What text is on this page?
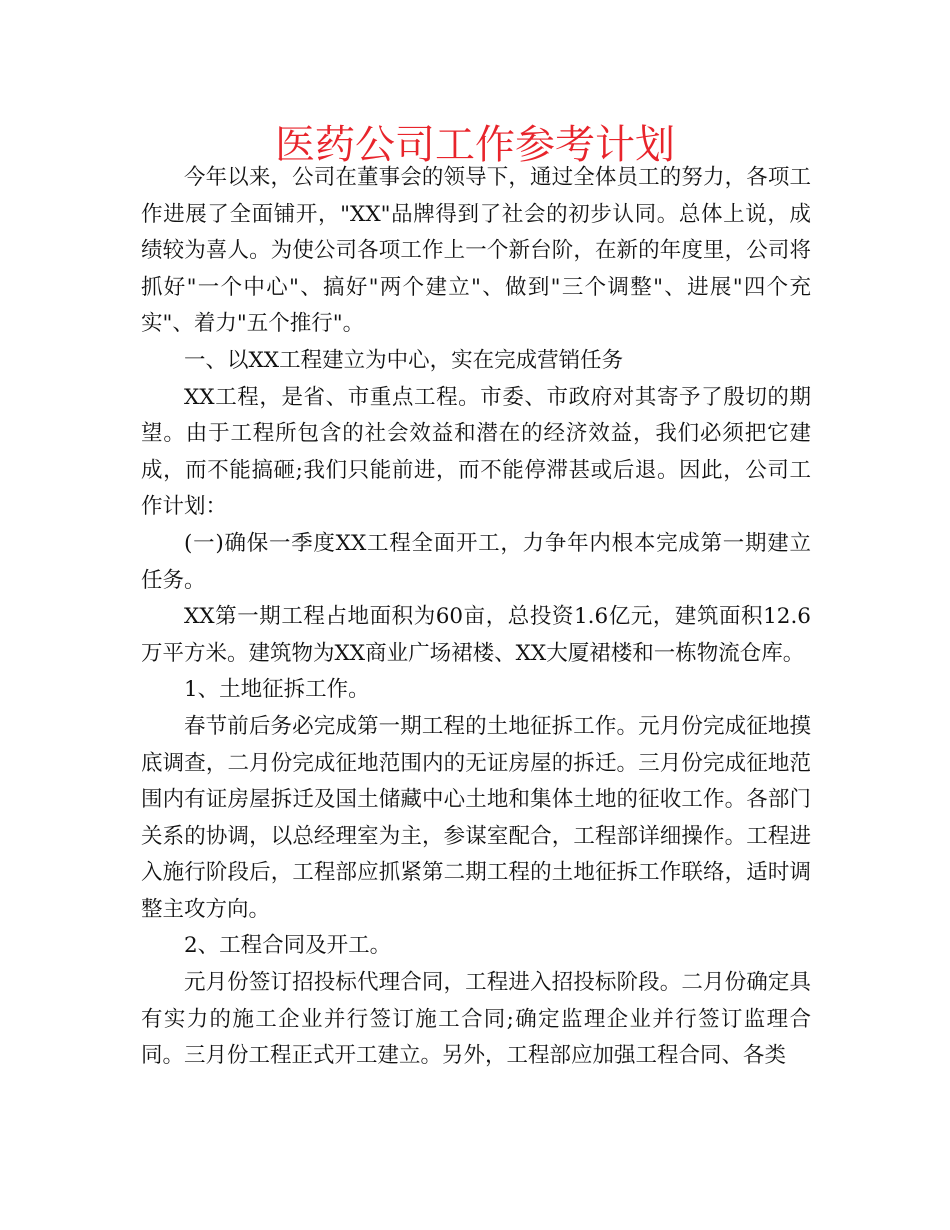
医药公司工作参考计划

今年以来，公司在董事会的领导下，通过全体员工的努力，各项工作进展了全面铺开，"XX"品牌得到了社会的初步认同。总体上说，成绩较为喜人。为使公司各项工作上一个新台阶，在新的年度里，公司将抓好"一个中心"、搞好"两个建立"、做到"三个调整"、进展"四个充实"、着力"五个推行"。

一、以XX工程建立为中心，实在完成营销任务

XX工程，是省、市重点工程。市委、市政府对其寄予了殷切的期望。由于工程所包含的社会效益和潜在的经济效益，我们必须把它建成，而不能搞砸;我们只能前进，而不能停滞甚或后退。因此，公司工作计划：

(一)确保一季度XX工程全面开工，力争年内根本完成第一期建立任务。

XX第一期工程占地面积为60亩，总投资1.6亿元，建筑面积12.6万平方米。建筑物为XX商业广场裙楼、XX大厦裙楼和一栋物流仓库。

1、土地征拆工作。

春节前后务必完成第一期工程的土地征拆工作。元月份完成征地摸底调查，二月份完成征地范围内的无证房屋的拆迁。三月份完成征地范围内有证房屋拆迁及国土储藏中心土地和集体土地的征收工作。各部门关系的协调，以总经理室为主，参谋室配合，工程部详细操作。工程进入施行阶段后，工程部应抓紧第二期工程的土地征拆工作联络，适时调整主攻方向。

2、工程合同及开工。

元月份签订招投标代理合同，工程进入招投标阶段。二月份确定具有实力的施工企业并行签订施工合同;确定监理企业并行签订监理合同。三月份工程正式开工建立。另外，工程部应加强工程合同、各类
